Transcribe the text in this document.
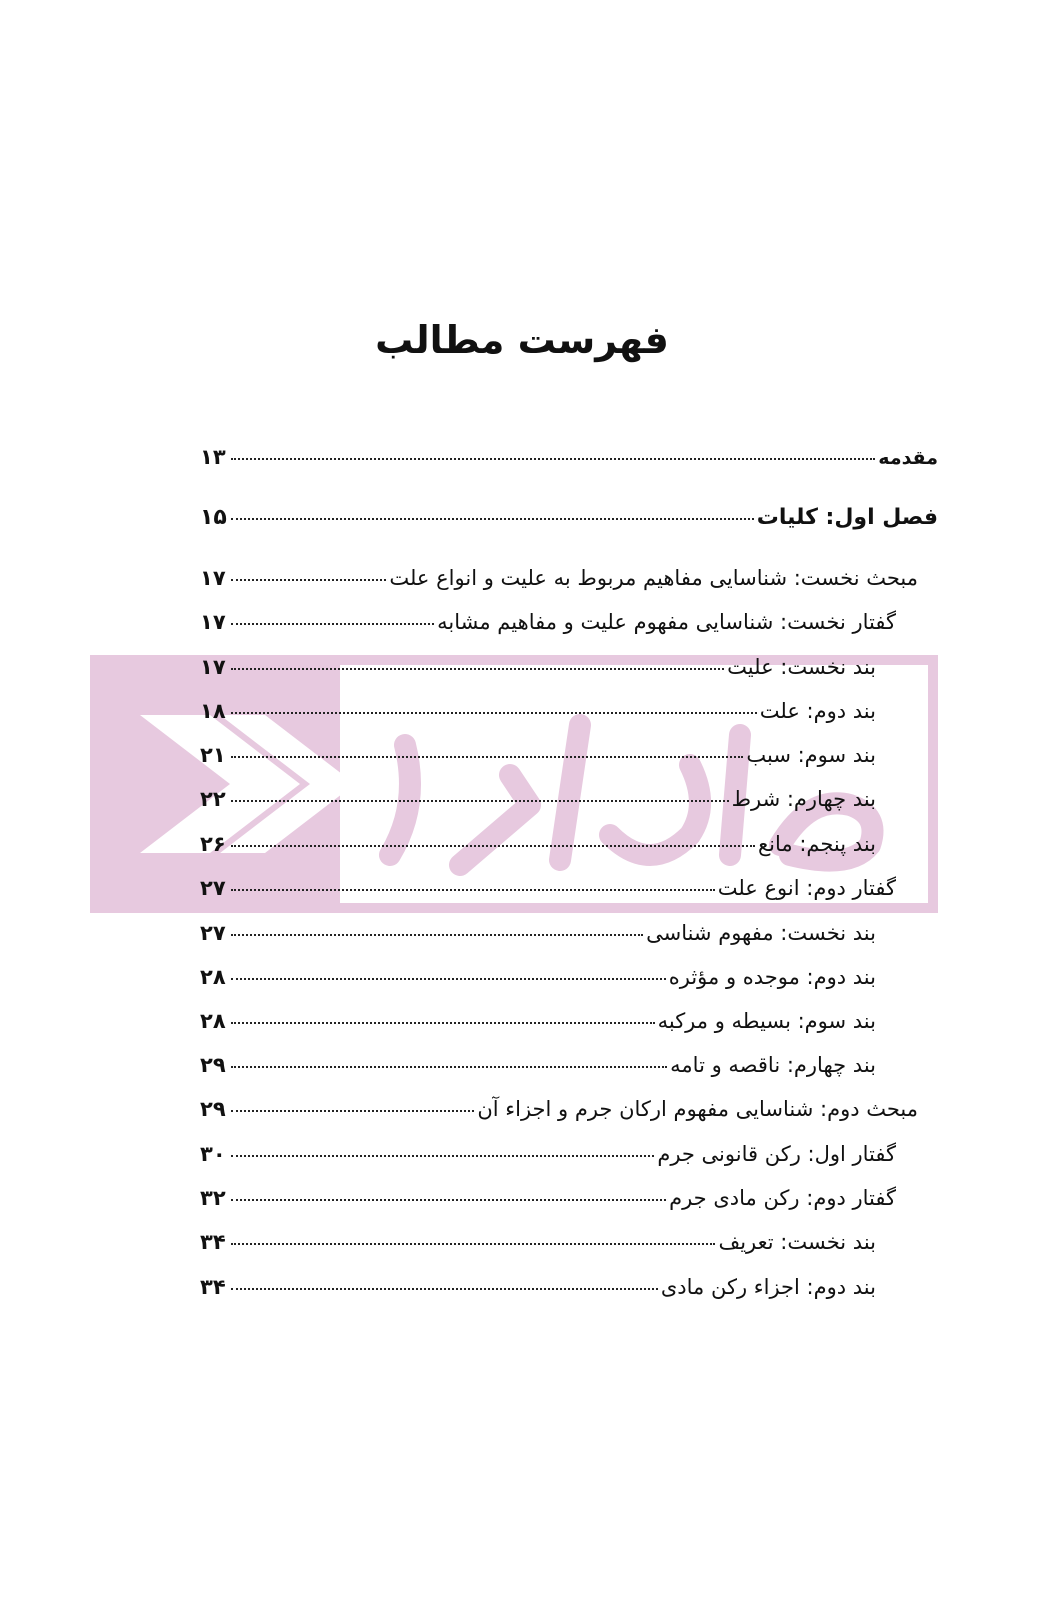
فهرست مطالب
مقدمه
۱۳
فصل اول: کلیات
۱۵
مبحث نخست: شناسایی مفاهیم مربوط به علیت و انواع علت
۱۷
گفتار نخست: شناسایی مفهوم علیت و مفاهیم مشابه
۱۷
بند نخست: علیت
۱۷
بند دوم: علت
۱۸
بند سوم: سبب
۲۱
بند چهارم: شرط
۲۲
بند پنجم: مانع
۲۶
گفتار دوم: انوع علت
۲۷
بند نخست: مفهوم شناسی
۲۷
بند دوم: موجده و مؤثره
۲۸
بند سوم: بسیطه و مرکبه
۲۸
بند چهارم: ناقصه و تامه
۲۹
مبحث دوم: شناسایی مفهوم ارکان جرم و اجزاء آن
۲۹
گفتار اول: رکن قانونی جرم
۳۰
گفتار دوم: رکن مادی جرم
۳۲
بند نخست: تعریف
۳۴
بند دوم: اجزاء رکن مادی
۳۴
